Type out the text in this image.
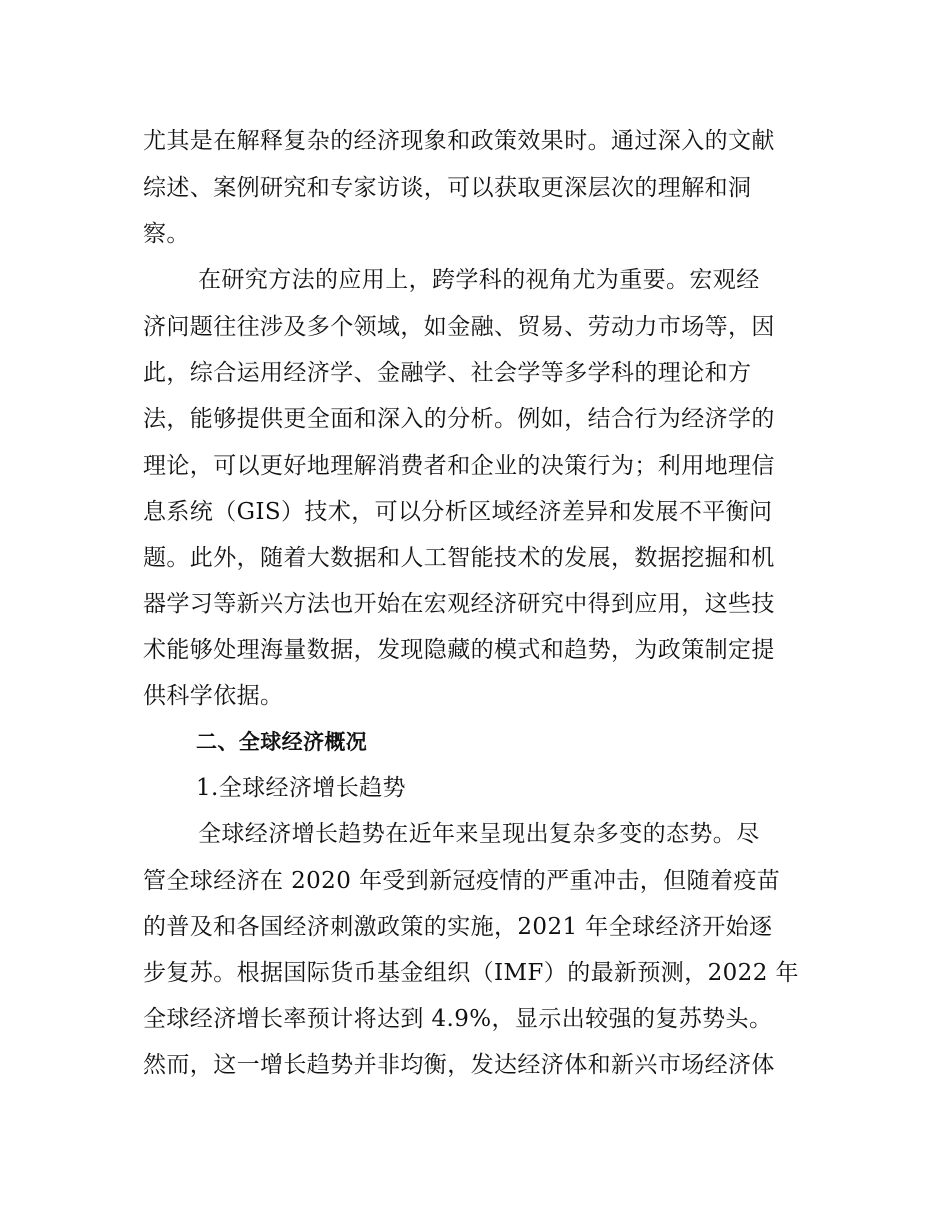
尤其是在解释复杂的经济现象和政策效果时。通过深入的文献
综述、案例研究和专家访谈，可以获取更深层次的理解和洞
察。
在研究方法的应用上，跨学科的视角尤为重要。宏观经
济问题往往涉及多个领域，如金融、贸易、劳动力市场等，因
此，综合运用经济学、金融学、社会学等多学科的理论和方
法，能够提供更全面和深入的分析。例如，结合行为经济学的
理论，可以更好地理解消费者和企业的决策行为；利用地理信
息系统（GIS）技术，可以分析区域经济差异和发展不平衡问
题。此外，随着大数据和人工智能技术的发展，数据挖掘和机
器学习等新兴方法也开始在宏观经济研究中得到应用，这些技
术能够处理海量数据，发现隐藏的模式和趋势，为政策制定提
供科学依据。
二、全球经济概况
1.全球经济增长趋势
全球经济增长趋势在近年来呈现出复杂多变的态势。尽
管全球经济在 2020 年受到新冠疫情的严重冲击，但随着疫苗
的普及和各国经济刺激政策的实施，2021 年全球经济开始逐
步复苏。根据国际货币基金组织（IMF）的最新预测，2022 年
全球经济增长率预计将达到 4.9%，显示出较强的复苏势头。
然而，这一增长趋势并非均衡，发达经济体和新兴市场经济体
